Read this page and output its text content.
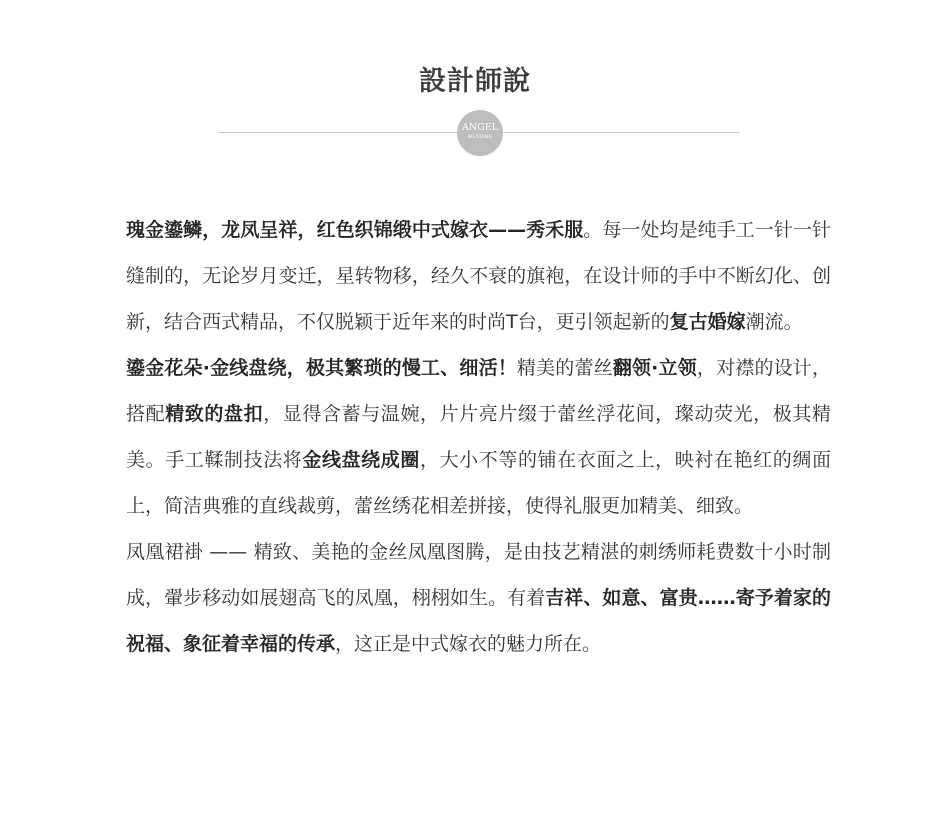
設計師說
ANGEL
WEDDING

瑰金鎏鳞，龙凤呈祥，红色织锦缎中式嫁衣——秀禾服。每一处均是纯手工一针一针缝制的，无论岁月变迁，星转物移，经久不衰的旗袍，在设计师的手中不断幻化、创新，结合西式精品，不仅脱颖于近年来的时尚T台，更引领起新的复古婚嫁潮流。

鎏金花朵·金线盘绕，极其繁琐的慢工、细活！精美的蕾丝翻领·立领，对襟的设计，搭配精致的盘扣，显得含蓄与温婉，片片亮片缀于蕾丝浮花间，璨动荧光，极其精美。手工鞣制技法将金线盘绕成圈，大小不等的铺在衣面之上，映衬在艳红的绸面上，简洁典雅的直线裁剪，蕾丝绣花相差拼接，使得礼服更加精美、细致。

凤凰裙褂 —— 精致、美艳的金丝凤凰图腾，是由技艺精湛的刺绣师耗费数十小时制成，翬步移动如展翅高飞的凤凰，栩栩如生。有着吉祥、如意、富贵……寄予着家的祝福、象征着幸福的传承，这正是中式嫁衣的魅力所在。
